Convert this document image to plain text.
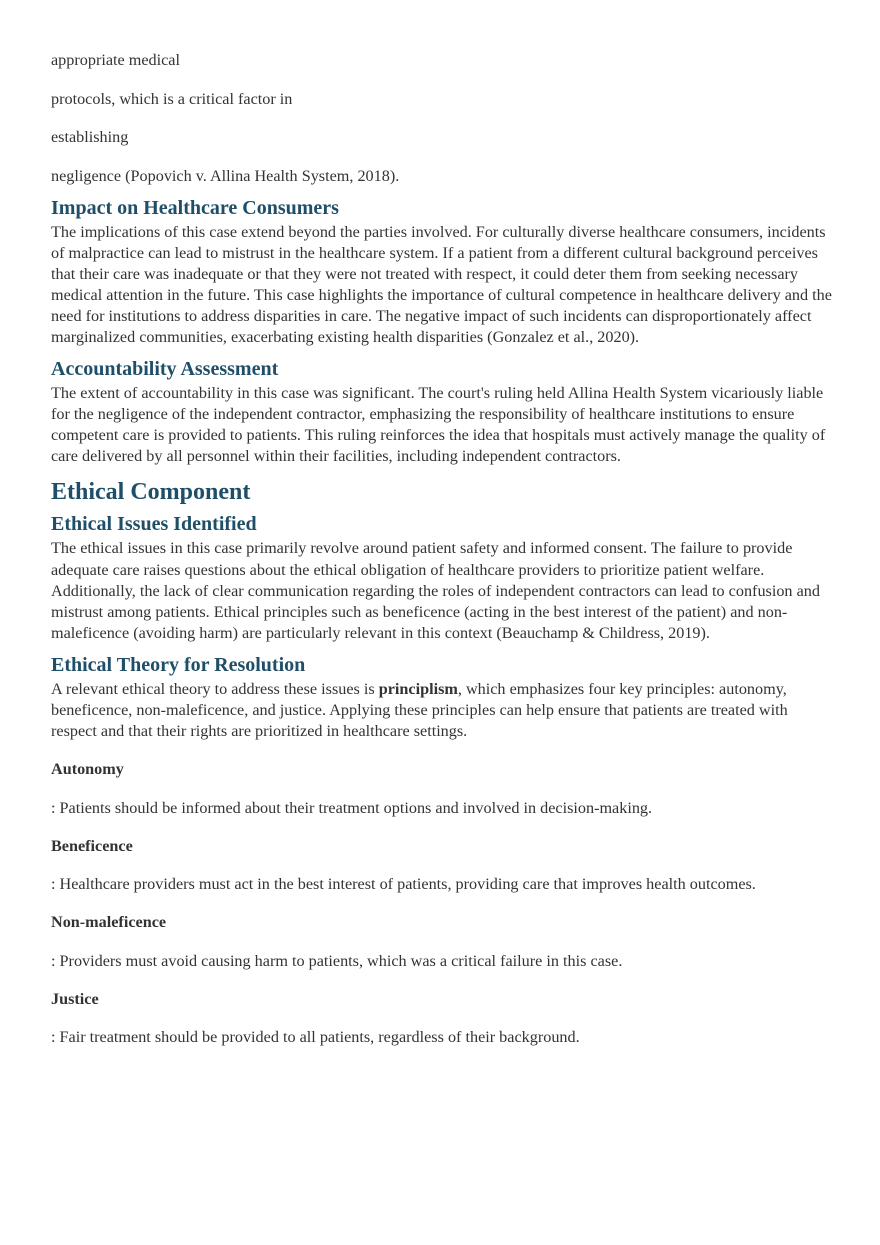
appropriate medical

protocols, which is a critical factor in

establishing

negligence (Popovich v. Allina Health System, 2018).

Impact on Healthcare Consumers

The implications of this case extend beyond the parties involved. For culturally diverse healthcare consumers, incidents of malpractice can lead to mistrust in the healthcare system. If a patient from a different cultural background perceives that their care was inadequate or that they were not treated with respect, it could deter them from seeking necessary medical attention in the future. This case highlights the importance of cultural competence in healthcare delivery and the need for institutions to address disparities in care. The negative impact of such incidents can disproportionately affect marginalized communities, exacerbating existing health disparities (Gonzalez et al., 2020).

Accountability Assessment

The extent of accountability in this case was significant. The court's ruling held Allina Health System vicariously liable for the negligence of the independent contractor, emphasizing the responsibility of healthcare institutions to ensure competent care is provided to patients. This ruling reinforces the idea that hospitals must actively manage the quality of care delivered by all personnel within their facilities, including independent contractors.

Ethical Component
Ethical Issues Identified

The ethical issues in this case primarily revolve around patient safety and informed consent. The failure to provide adequate care raises questions about the ethical obligation of healthcare providers to prioritize patient welfare. Additionally, the lack of clear communication regarding the roles of independent contractors can lead to confusion and mistrust among patients. Ethical principles such as beneficence (acting in the best interest of the patient) and non-maleficence (avoiding harm) are particularly relevant in this context (Beauchamp & Childress, 2019).

Ethical Theory for Resolution

A relevant ethical theory to address these issues is principlism, which emphasizes four key principles: autonomy, beneficence, non-maleficence, and justice. Applying these principles can help ensure that patients are treated with respect and that their rights are prioritized in healthcare settings.

Autonomy

: Patients should be informed about their treatment options and involved in decision-making.

Beneficence

: Healthcare providers must act in the best interest of patients, providing care that improves health outcomes.

Non-maleficence

: Providers must avoid causing harm to patients, which was a critical failure in this case.

Justice

: Fair treatment should be provided to all patients, regardless of their background.
